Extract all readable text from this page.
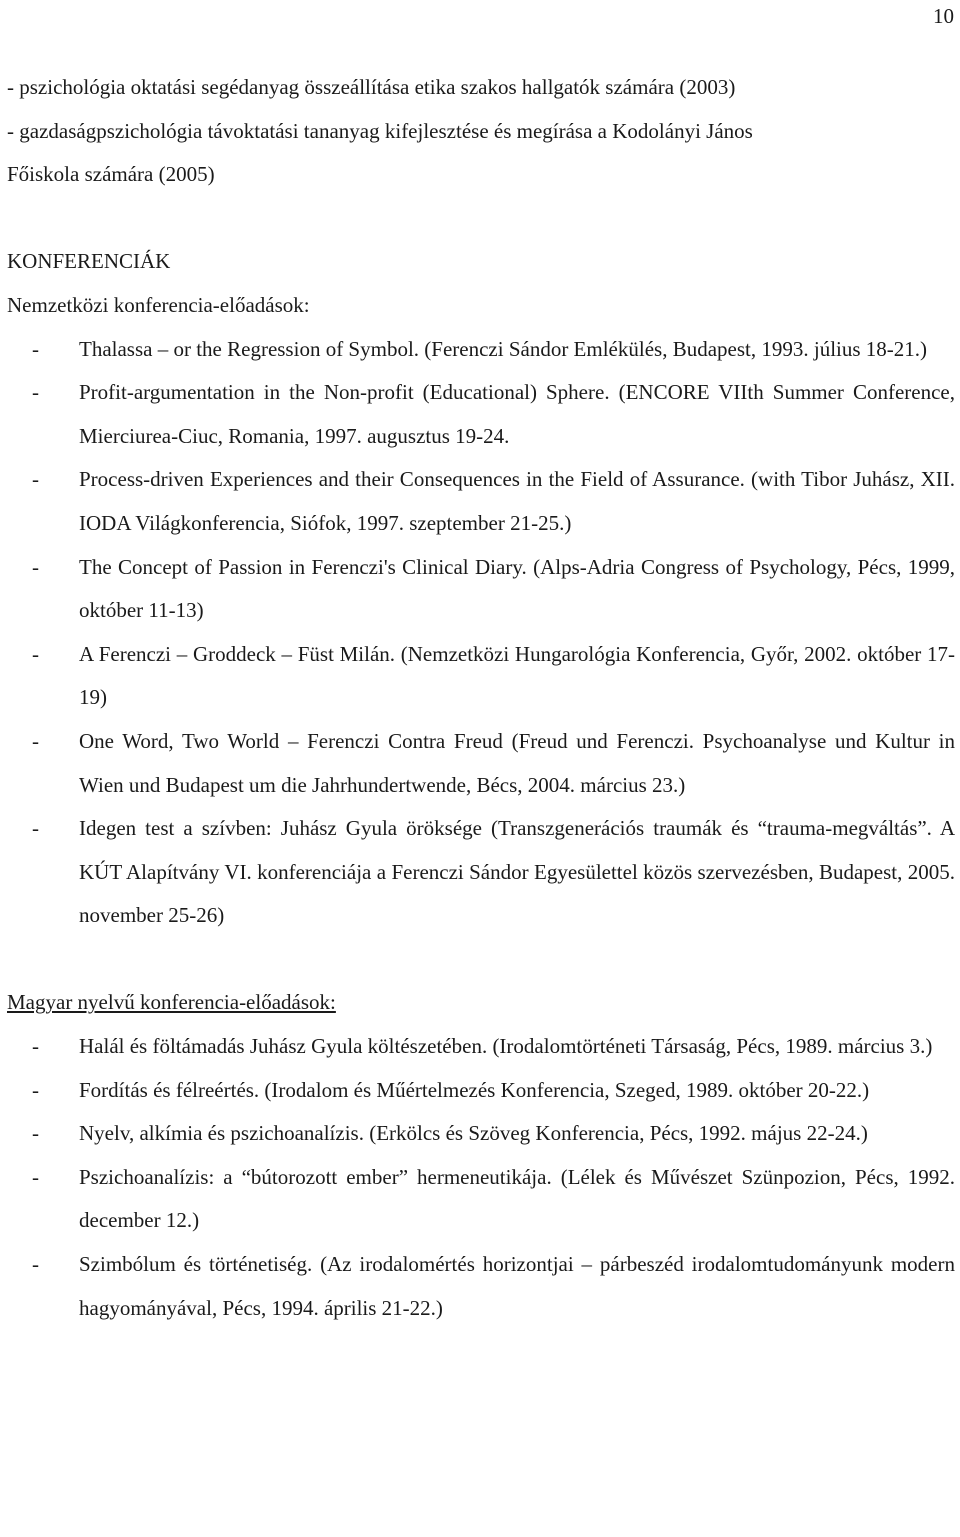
10
- pszichológia oktatási segédanyag összeállítása etika szakos hallgatók számára (2003)
- gazdaságpszichológia távoktatási tananyag kifejlesztése és megírása a Kodolányi János
Főiskola számára (2005)
KONFERENCIÁK
Nemzetközi konferencia-előadások:
- Thalassa – or the Regression of Symbol. (Ferenczi Sándor Emlékülés, Budapest, 1993. július 18-21.)
- Profit-argumentation in the Non-profit (Educational) Sphere. (ENCORE VIIth Summer Conference, Mierciurea-Ciuc, Romania, 1997. augusztus 19-24.
- Process-driven Experiences and their Consequences in the Field of Assurance. (with Tibor Juhász, XII. IODA Világkonferencia, Siófok, 1997. szeptember 21-25.)
- The Concept of Passion in Ferenczi's Clinical Diary. (Alps-Adria Congress of Psychology, Pécs, 1999, október 11-13)
- A Ferenczi – Groddeck – Füst Milán. (Nemzetközi Hungarológia Konferencia, Győr, 2002. október 17-19)
- One Word, Two World – Ferenczi Contra Freud (Freud und Ferenczi. Psychoanalyse und Kultur in Wien und Budapest um die Jahrhundertwende, Bécs, 2004. március 23.)
- Idegen test a szívben: Juhász Gyula öröksége (Transzgenerációs traumák és “trauma-megváltás”. A KÚT Alapítvány VI. konferenciája a Ferenczi Sándor Egyesülettel közös szervezésben, Budapest, 2005. november 25-26)
Magyar nyelvű konferencia-előadások:
- Halál és föltámadás Juhász Gyula költészetében. (Irodalomtörténeti Társaság, Pécs, 1989. március 3.)
- Fordítás és félreértés. (Irodalom és Műértelmezés Konferencia, Szeged, 1989. október 20-22.)
- Nyelv, alkímia és pszichoanalízis. (Erkölcs és Szöveg Konferencia, Pécs, 1992. május 22-24.)
- Pszichoanalízis: a “bútorozott ember” hermeneutikája. (Lélek és Művészet Szünpozion, Pécs, 1992. december 12.)
- Szimbólum és történetiség. (Az irodalomértés horizontjai – párbeszéd irodalomtudományunk modern hagyományával, Pécs, 1994. április 21-22.)
